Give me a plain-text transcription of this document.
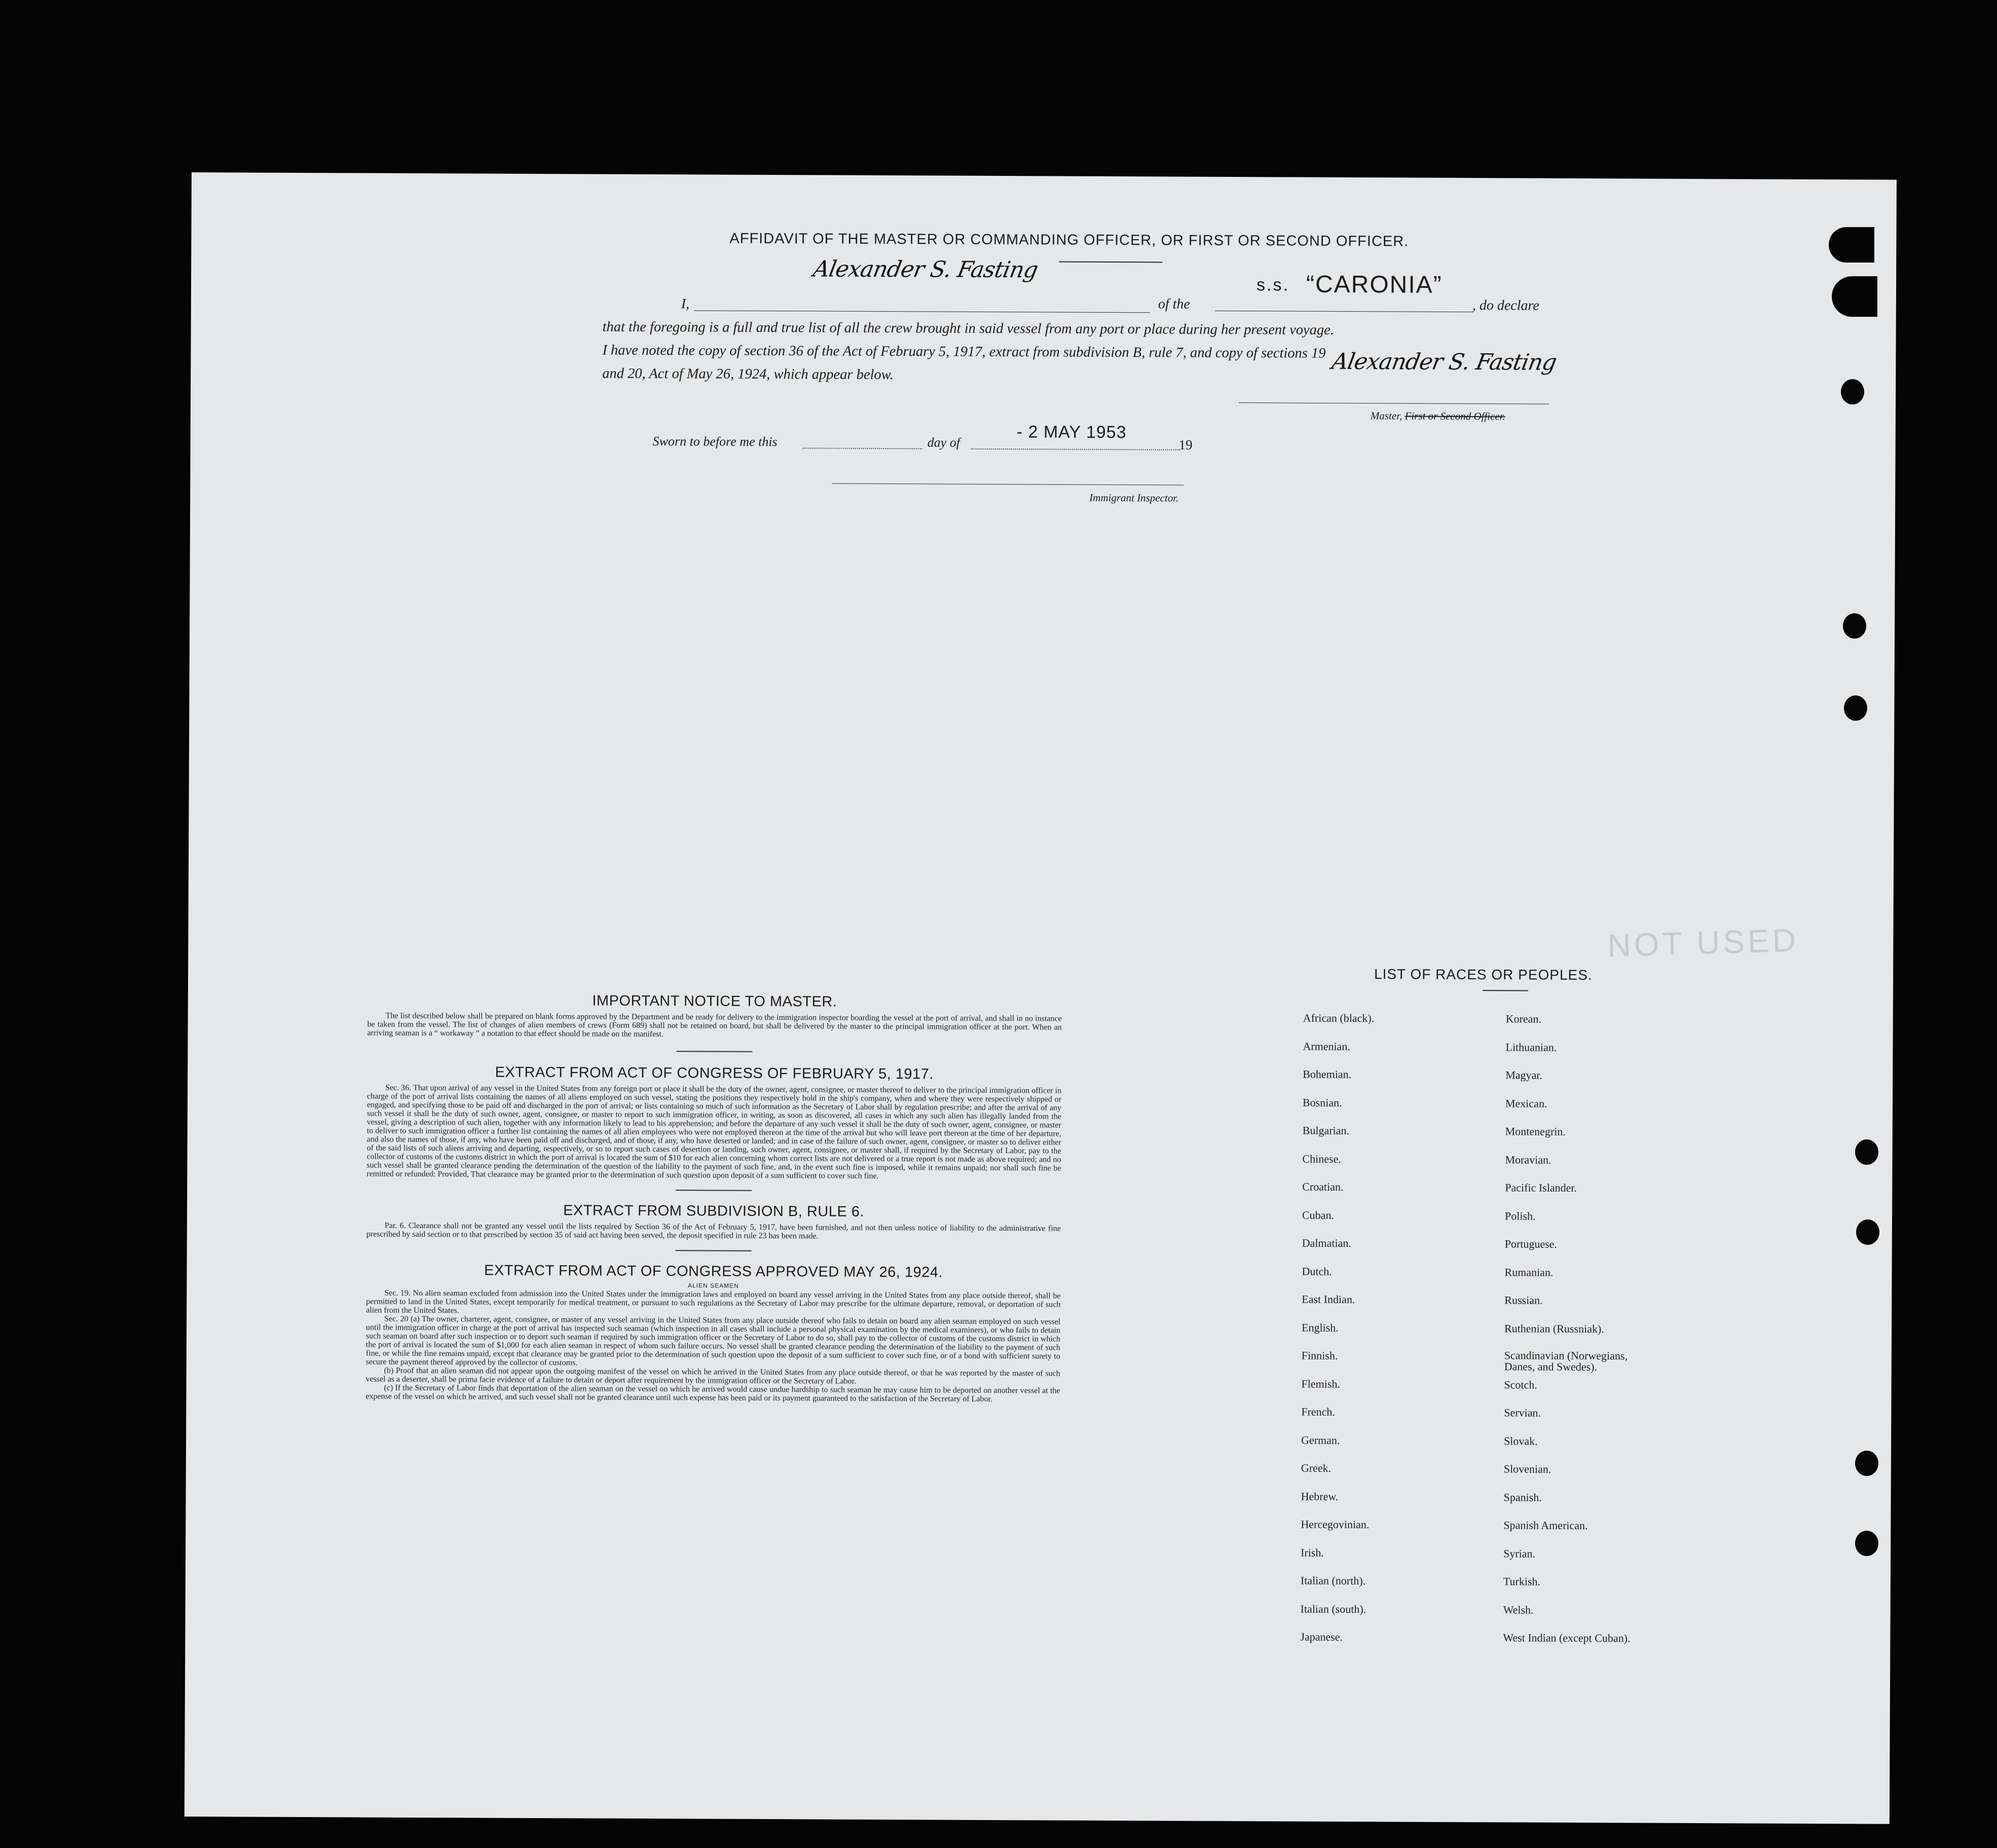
NOT USED
AFFIDAVIT OF THE MASTER OR COMMANDING OFFICER, OR FIRST OR SECOND OFFICER.
I,
Alexander S. Fasting
of the
s.s. “CARONIA”
, do declare
that the foregoing is a full and true list of all the crew brought in said vessel from any port or place during her present voyage.
I have noted the copy of section 36 of the Act of February 5, 1917, extract from subdivision B, rule 7, and copy of sections 19
and 20, Act of May 26, 1924, which appear below.	Alexander S. Fasting
Master, First or Second Officer.
Sworn to before me this	day of
- 2 MAY 1953
19
Immigrant Inspector.
IMPORTANT NOTICE TO MASTER.
The list described below shall be prepared on blank forms approved by the Department and be ready for delivery to the immigration inspector boarding the vessel at the port of arrival, and shall in no instance be taken from the vessel. The list of changes of alien members of crews (Form 689) shall not be retained on board, but shall be delivered by the master to the principal immigration officer at the port. When an arriving seaman is a “ workaway ” a notation to that effect should be made on the manifest.
EXTRACT FROM ACT OF CONGRESS OF FEBRUARY 5, 1917.
Sec. 36. That upon arrival of any vessel in the United States from any foreign port or place it shall be the duty of the owner, agent, consignee, or master thereof to deliver to the principal immigration officer in charge of the port of arrival lists containing the names of all aliens employed on such vessel, stating the positions they respectively hold in the ship's company, when and where they were respectively shipped or engaged, and specifying those to be paid off and discharged in the port of arrival; or lists containing so much of such information as the Secretary of Labor shall by regulation prescribe; and after the arrival of any such vessel it shall be the duty of such owner, agent, consignee, or master to report to such immigration officer, in writing, as soon as discovered, all cases in which any such alien has illegally landed from the vessel, giving a description of such alien, together with any information likely to lead to his apprehension; and before the departure of any such vessel it shall be the duty of such owner, agent, consignee, or master to deliver to such immigration officer a further list containing the names of all alien employees who were not employed thereon at the time of the arrival but who will leave port thereon at the time of her departure, and also the names of those, if any, who have been paid off and discharged, and of those, if any, who have deserted or landed; and in case of the failure of such owner, agent, consignee, or master so to deliver either of the said lists of such aliens arriving and departing, respectively, or so to report such cases of desertion or landing, such owner, agent, consignee, or master shall, if required by the Secretary of Labor, pay to the collector of customs of the customs district in which the port of arrival is located the sum of $10 for each alien concerning whom correct lists are not delivered or a true report is not made as above required; and no such vessel shall be granted clearance pending the determination of the question of the liability to the payment of such fine, and, in the event such fine is imposed, while it remains unpaid; nor shall such fine be remitted or refunded: Provided, That clearance may be granted prior to the determination of such question upon deposit of a sum sufficient to cover such fine.
EXTRACT FROM SUBDIVISION B, RULE 6.
Par. 6. Clearance shall not be granted any vessel until the lists required by Section 36 of the Act of February 5, 1917, have been furnished, and not then unless notice of liability to the administrative fine prescribed by said section or to that prescribed by section 35 of said act having been served, the deposit specified in rule 23 has been made.
EXTRACT FROM ACT OF CONGRESS APPROVED MAY 26, 1924.
ALIEN SEAMEN
Sec. 19. No alien seaman excluded from admission into the United States under the immigration laws and employed on board any vessel arriving in the United States from any place outside thereof, shall be permitted to land in the United States, except temporarily for medical treatment, or pursuant to such regulations as the Secretary of Labor may prescribe for the ultimate departure, removal, or deportation of such alien from the United States.
Sec. 20 (a) The owner, charterer, agent, consignee, or master of any vessel arriving in the United States from any place outside thereof who fails to detain on board any alien seaman employed on such vessel until the immigration officer in charge at the port of arrival has inspected such seaman (which inspection in all cases shall include a personal physical examination by the medical examiners), or who fails to detain such seaman on board after such inspection or to deport such seaman if required by such immigration officer or the Secretary of Labor to do so, shall pay to the collector of customs of the customs district in which the port of arrival is located the sum of $1,000 for each alien seaman in respect of whom such failure occurs. No vessel shall be granted clearance pending the determination of the liability to the payment of such fine, or while the fine remains unpaid, except that clearance may be granted prior to the determination of such question upon the deposit of a sum sufficient to cover such fine, or of a bond with sufficient surety to secure the payment thereof approved by the collector of customs.
(b) Proof that an alien seaman did not appear upon the outgoing manifest of the vessel on which he arrived in the United States from any place outside thereof, or that he was reported by the master of such vessel as a deserter, shall be prima facie evidence of a failure to detain or deport after requirement by the immigration officer or the Secretary of Labor.
(c) If the Secretary of Labor finds that deportation of the alien seaman on the vessel on which he arrived would cause undue hardship to such seaman he may cause him to be deported on another vessel at the expense of the vessel on which he arrived, and such vessel shall not be granted clearance until such expense has been paid or its payment guaranteed to the satisfaction of the Secretary of Labor.
LIST OF RACES OR PEOPLES.
African (black).
Armenian.
Bohemian.
Bosnian.
Bulgarian.
Chinese.
Croatian.
Cuban.
Dalmatian.
Dutch.
East Indian.
English.
Finnish.
Flemish.
French.
German.
Greek.
Hebrew.
Hercegovinian.
Irish.
Italian (north).
Italian (south).
Japanese.
Korean.
Lithuanian.
Magyar.
Mexican.
Montenegrin.
Moravian.
Pacific Islander.
Polish.
Portuguese.
Rumanian.
Russian.
Ruthenian (Russniak).
Scandinavian (Norwegians, Danes, and Swedes).
Scotch.
Servian.
Slovak.
Slovenian.
Spanish.
Spanish American.
Syrian.
Turkish.
Welsh.
West Indian (except Cuban).
